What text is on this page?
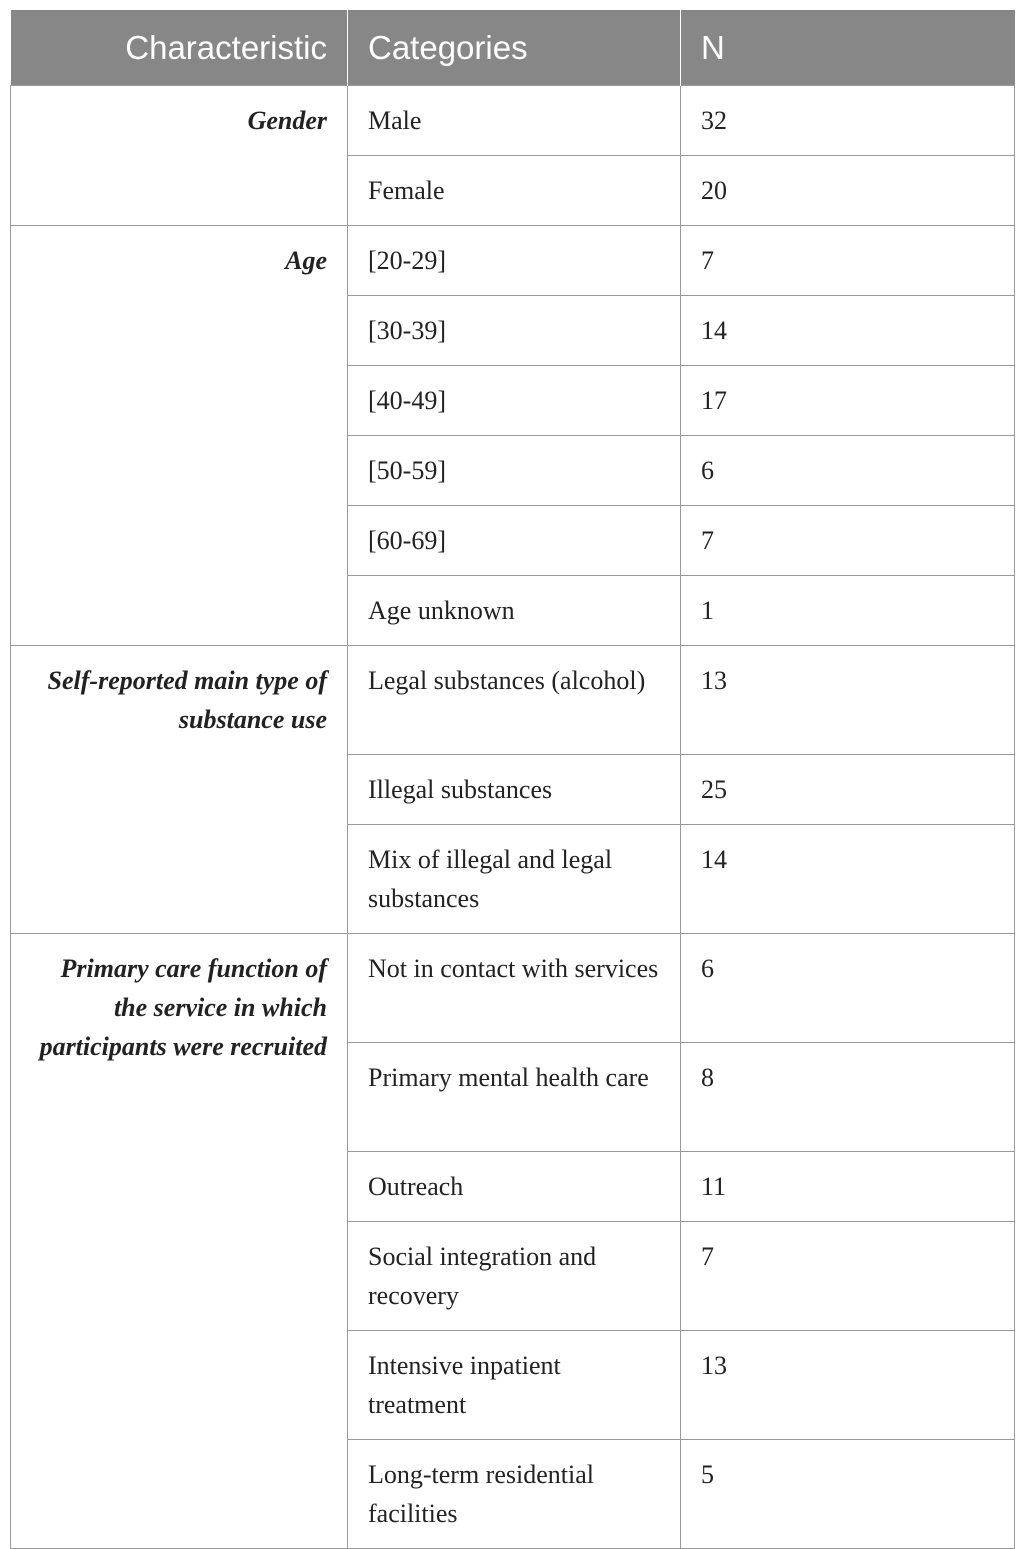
Characteristic	Categories	N
Gender	Male	32
	Female	20
Age	[20-29]	7
	[30-39]	14
	[40-49]	17
	[50-59]	6
	[60-69]	7
	Age unknown	1
Self-reported main type of substance use	Legal substances (alcohol)	13
	Illegal substances	25
	Mix of illegal and legal substances	14
Primary care function of the service in which participants were recruited	Not in contact with services	6
	Primary mental health care	8
	Outreach	11
	Social integration and recovery	7
	Intensive inpatient treatment	13
	Long-term residential facilities	5
